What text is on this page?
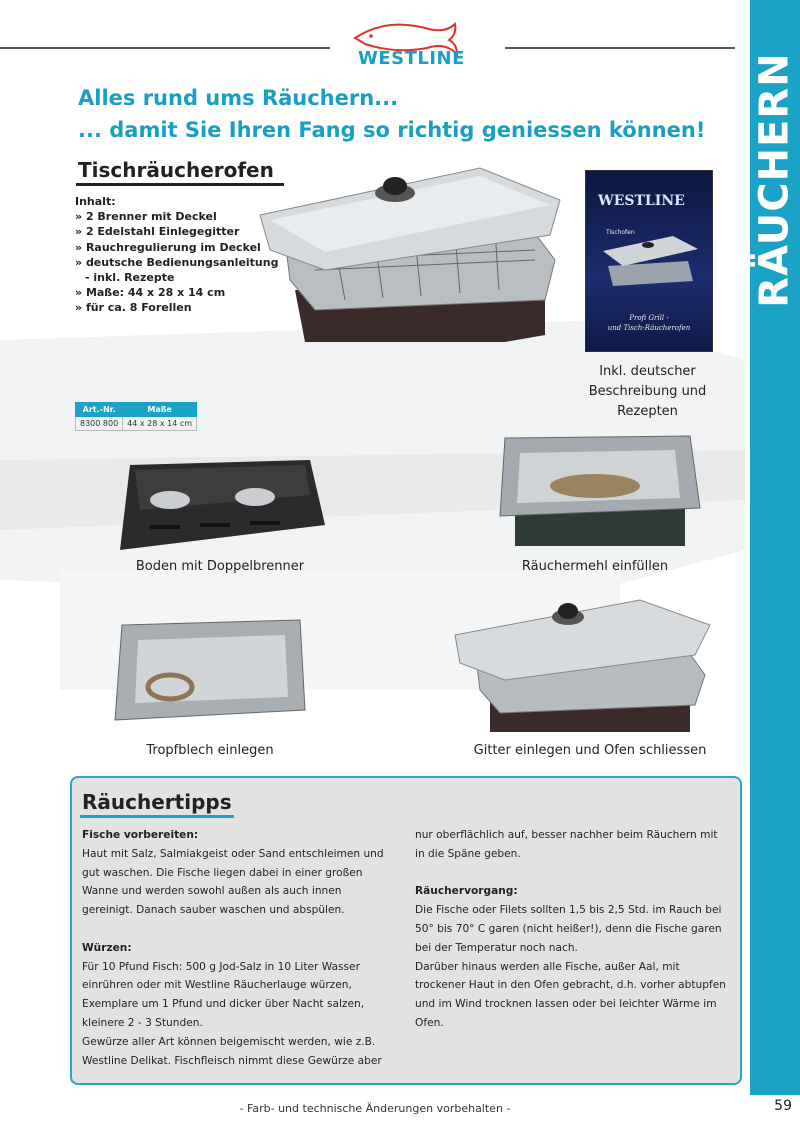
RÄUCHERN
WESTLINE
Alles rund ums Räuchern...
... damit Sie Ihren Fang so richtig geniessen können!
Tischräucherofen
Inhalt:
» 2 Brenner mit Deckel
» 2 Edelstahl Einlegegitter
» Rauchregulierung im Deckel
» deutsche Bedienungsanleitung
- inkl. Rezepte
» Maße: 44 x 28 x 14 cm
» für ca. 8 Forellen
Art.-Nr.	Maße
8300 800	44 x 28 x 14 cm
WESTLINE
Tischofen
Profi Grill -
und Tisch-Räucherofen
Inkl. deutscher Beschreibung und Rezepten
Boden mit Doppelbrenner	Räuchermehl einfüllen
Tropfblech einlegen	Gitter einlegen und Ofen schliessen
Räuchertipps
Fische vorbereiten:
Haut mit Salz, Salmiakgeist oder Sand entschleimen und gut waschen. Die Fische liegen dabei in einer großen Wanne und werden sowohl außen als auch innen gereinigt. Danach sauber waschen und abspülen.
Würzen:
Für 10 Pfund Fisch: 500 g Jod-Salz in 10 Liter Wasser einrühren oder mit Westline Räucherlauge würzen, Exemplare um 1 Pfund und dicker über Nacht salzen, kleinere 2 - 3 Stunden.
Gewürze aller Art können beigemischt werden, wie z.B. Westline Delikat. Fischfleisch nimmt diese Gewürze aber
nur oberflächlich auf, besser nachher beim Räuchern mit in die Späne geben.
Räuchervorgang:
Die Fische oder Filets sollten 1,5 bis 2,5 Std. im Rauch bei 50° bis 70° C garen (nicht heißer!), denn die Fische garen bei der Temperatur noch nach.
Darüber hinaus werden alle Fische, außer Aal, mit trockener Haut in den Ofen gebracht, d.h. vorher abtupfen und im Wind trocknen lassen oder bei leichter Wärme im Ofen.
- Farb- und technische Änderungen vorbehalten -	59
